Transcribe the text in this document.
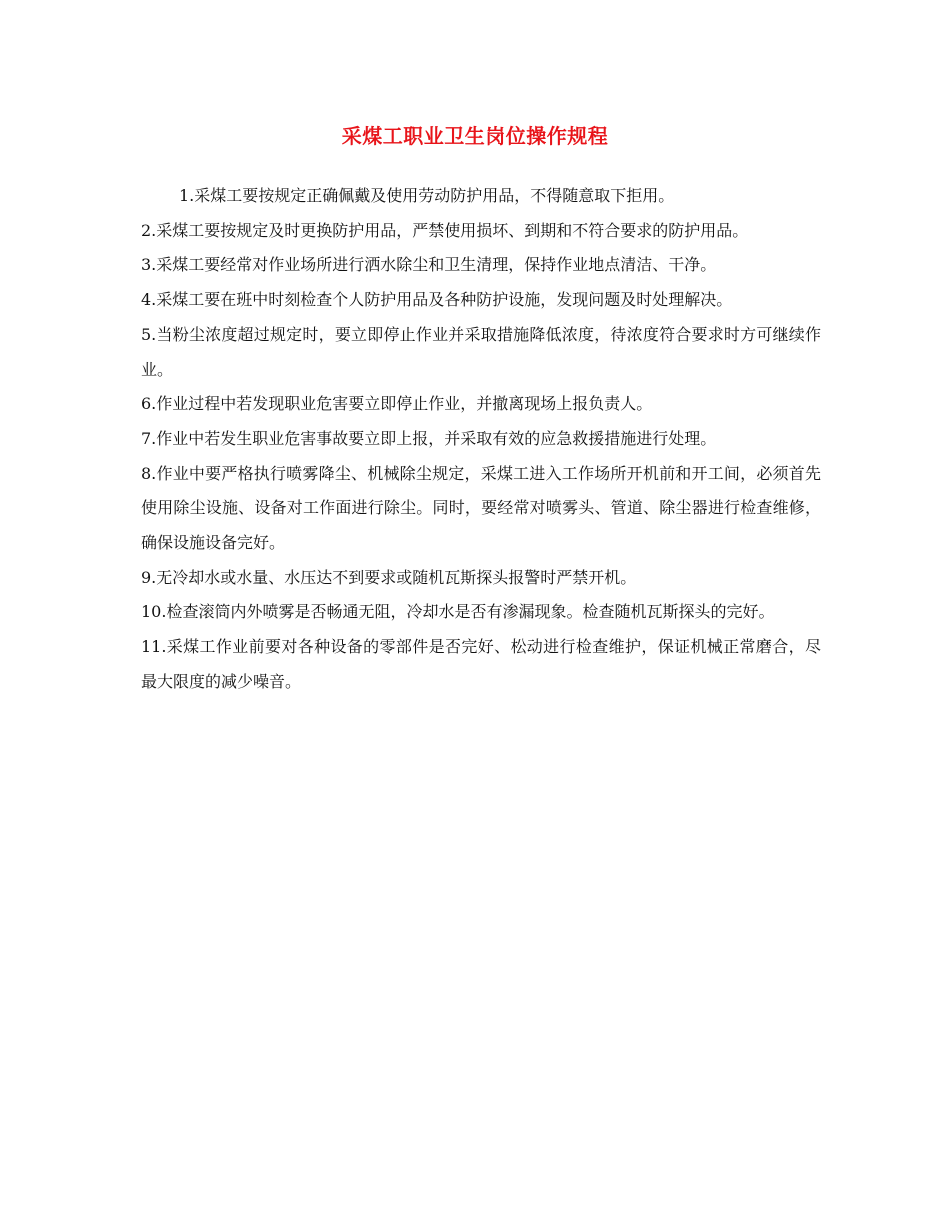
采煤工职业卫生岗位操作规程

1.采煤工要按规定正确佩戴及使用劳动防护用品，不得随意取下拒用。

2.采煤工要按规定及时更换防护用品，严禁使用损坏、到期和不符合要求的防护用品。

3.采煤工要经常对作业场所进行洒水除尘和卫生清理，保持作业地点清洁、干净。

4.采煤工要在班中时刻检查个人防护用品及各种防护设施，发现问题及时处理解决。

5.当粉尘浓度超过规定时，要立即停止作业并采取措施降低浓度，待浓度符合要求时方可继续作业。

6.作业过程中若发现职业危害要立即停止作业，并撤离现场上报负责人。

7.作业中若发生职业危害事故要立即上报，并采取有效的应急救援措施进行处理。

8.作业中要严格执行喷雾降尘、机械除尘规定，采煤工进入工作场所开机前和开工间，必须首先使用除尘设施、设备对工作面进行除尘。同时，要经常对喷雾头、管道、除尘器进行检查维修，确保设施设备完好。

9.无冷却水或水量、水压达不到要求或随机瓦斯探头报警时严禁开机。

10.检查滚筒内外喷雾是否畅通无阻，冷却水是否有渗漏现象。检查随机瓦斯探头的完好。

11.采煤工作业前要对各种设备的零部件是否完好、松动进行检查维护，保证机械正常磨合，尽最大限度的减少噪音。
